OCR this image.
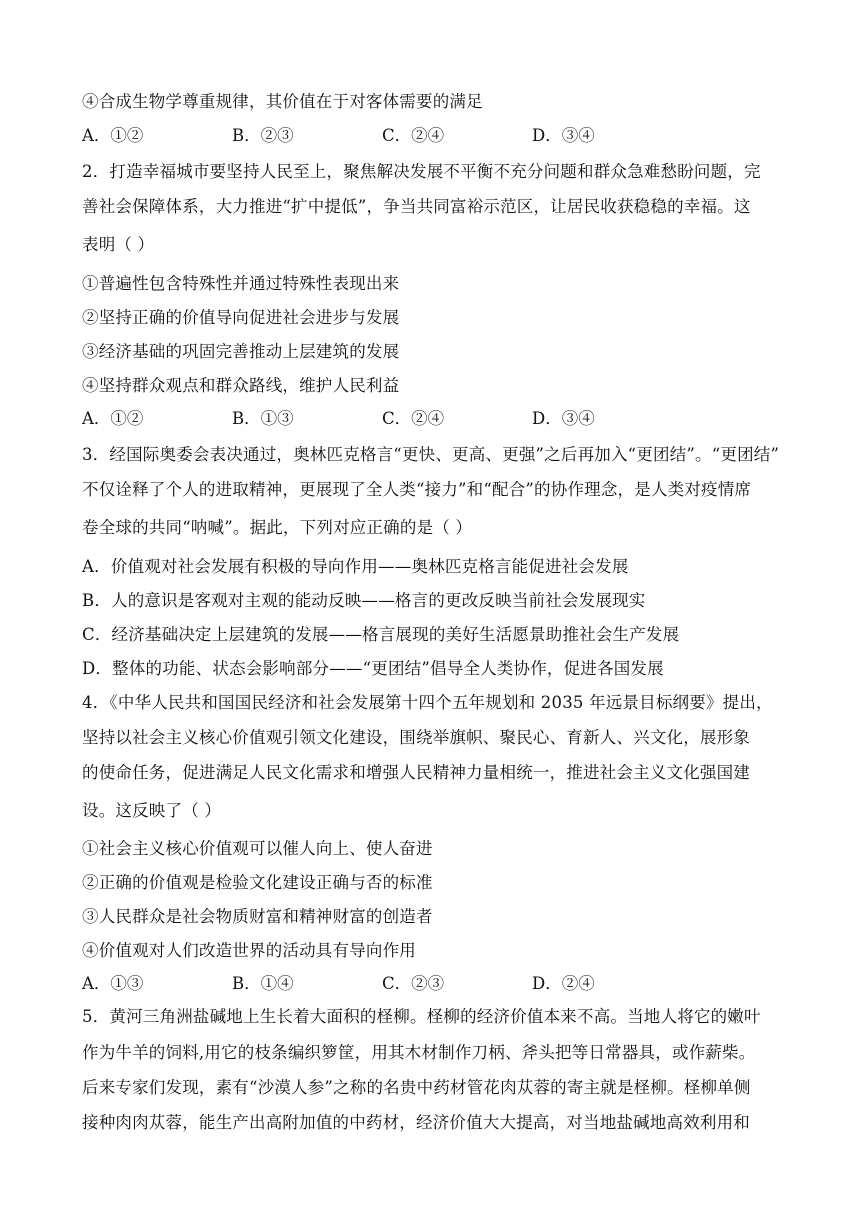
④合成生物学尊重规律，其价值在于对客体需要的满足
A．①②	B．②③	C．②④	D．③④
2．打造幸福城市要坚持人民至上，聚焦解决发展不平衡不充分问题和群众急难愁盼问题，完
善社会保障体系，大力推进“扩中提低”，争当共同富裕示范区，让居民收获稳稳的幸福。这
表明（ ）
①普遍性包含特殊性并通过特殊性表现出来
②坚持正确的价值导向促进社会进步与发展
③经济基础的巩固完善推动上层建筑的发展
④坚持群众观点和群众路线，维护人民利益
A．①②	B．①③	C．②④	D．③④
3．经国际奥委会表决通过，奥林匹克格言“更快、更高、更强”之后再加入“更团结”。“更团结”
不仅诠释了个人的进取精神，更展现了全人类“接力”和“配合”的协作理念，是人类对疫情席
卷全球的共同“呐喊”。据此，下列对应正确的是（ ）
A．价值观对社会发展有积极的导向作用——奥林匹克格言能促进社会发展
B．人的意识是客观对主观的能动反映——格言的更改反映当前社会发展现实
C．经济基础决定上层建筑的发展——格言展现的美好生活愿景助推社会生产发展
D．整体的功能、状态会影响部分——“更团结”倡导全人类协作，促进各国发展
4．《中华人民共和国国民经济和社会发展第十四个五年规划和 2035 年远景目标纲要》提出，
坚持以社会主义核心价值观引领文化建设，围绕举旗帜、聚民心、育新人、兴文化，展形象
的使命任务，促进满足人民文化需求和增强人民精神力量相统一，推进社会主义文化强国建
设。这反映了（ ）
①社会主义核心价值观可以催人向上、使人奋进
②正确的价值观是检验文化建设正确与否的标准
③人民群众是社会物质财富和精神财富的创造者
④价值观对人们改造世界的活动具有导向作用
A．①③	B．①④	C．②③	D．②④
5．黄河三角洲盐碱地上生长着大面积的柽柳。柽柳的经济价值本来不高。当地人将它的嫩叶
作为牛羊的饲料,用它的枝条编织箩筐，用其木材制作刀柄、斧头把等日常器具，或作薪柴。
后来专家们发现，素有“沙漠人参”之称的名贵中药材管花肉苁蓉的寄主就是柽柳。柽柳单侧
接种肉肉苁蓉，能生产出高附加值的中药材，经济价值大大提高，对当地盐碱地高效利用和
